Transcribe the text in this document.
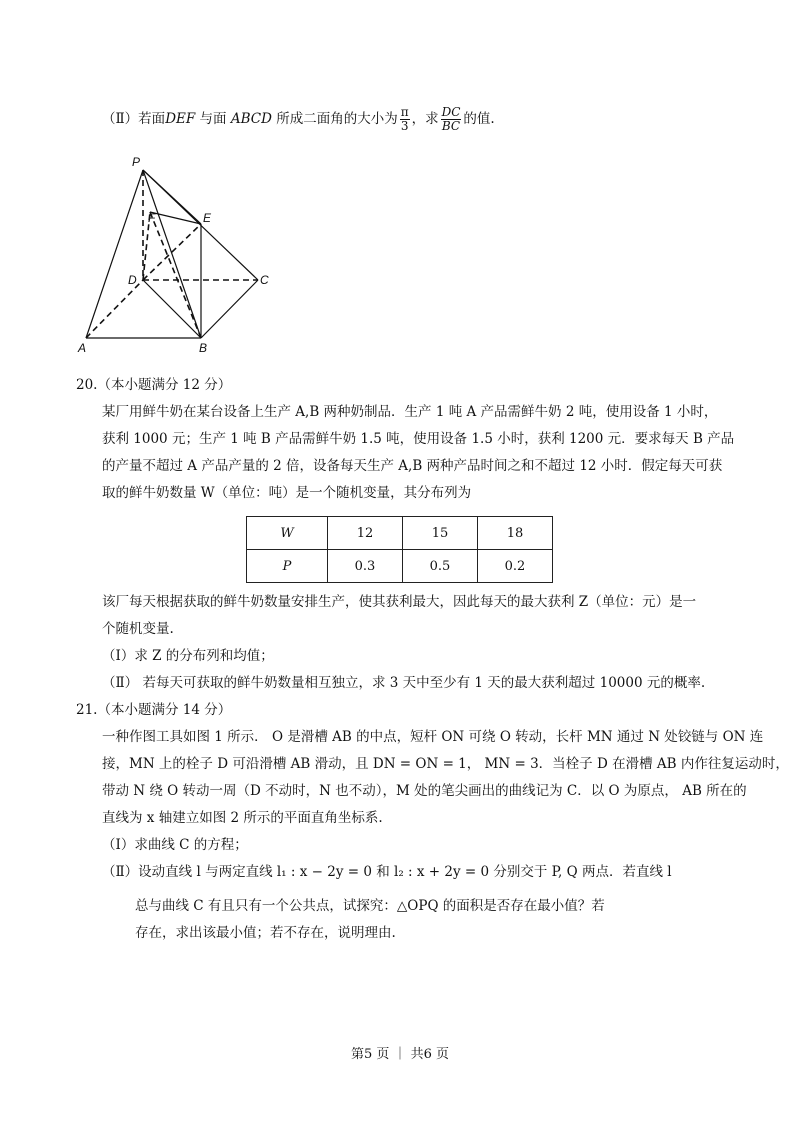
（Ⅱ）若面DEF 与面 ABCD 所成二面角的大小为 $\frac{\pi}{3}$ ，求 $\frac{DC}{BC}$ 的值.
P
F	E
D	C
A	B
20.（本小题满分 12 分）
某厂用鲜牛奶在某台设备上生产 A,B 两种奶制品．生产 1 吨 A 产品需鲜牛奶 2 吨，使用设备 1 小时，
获利 1000 元；生产 1 吨 B 产品需鲜牛奶 1.5 吨，使用设备 1.5 小时，获利 1200 元．要求每天 B 产品
的产量不超过 A 产品产量的 2 倍，设备每天生产 A,B 两种产品时间之和不超过 12 小时．假定每天可获
取的鲜牛奶数量 W（单位：吨）是一个随机变量，其分布列为
W	12	15	18
P	0.3	0.5	0.2
该厂每天根据获取的鲜牛奶数量安排生产，使其获利最大，因此每天的最大获利 Z（单位：元）是一
个随机变量.
（Ⅰ）求 Z 的分布列和均值；
（Ⅱ） 若每天可获取的鲜牛奶数量相互独立，求 3 天中至少有 1 天的最大获利超过 10000 元的概率.
21.（本小题满分 14 分）
一种作图工具如图 1 所示． O 是滑槽 AB 的中点，短杆 ON 可绕 O 转动，长杆 MN 通过 N 处铰链与 ON 连
接，MN 上的栓子 D 可沿滑槽 AB 滑动，且 DN = ON = 1， MN = 3．当栓子 D 在滑槽 AB 内作往复运动时，
带动 N 绕 O 转动一周（D 不动时，N 也不动），M 处的笔尖画出的曲线记为 C．以 O 为原点， AB 所在的
直线为 x 轴建立如图 2 所示的平面直角坐标系.
（Ⅰ）求曲线 C 的方程；
（Ⅱ）设动直线 l 与两定直线 l₁ : x − 2y = 0 和 l₂ : x + 2y = 0 分别交于 P, Q 两点．若直线 l
总与曲线 C 有且只有一个公共点，试探究：△OPQ 的面积是否存在最小值？若
存在，求出该最小值；若不存在，说明理由.
第5 页 ｜ 共6 页
